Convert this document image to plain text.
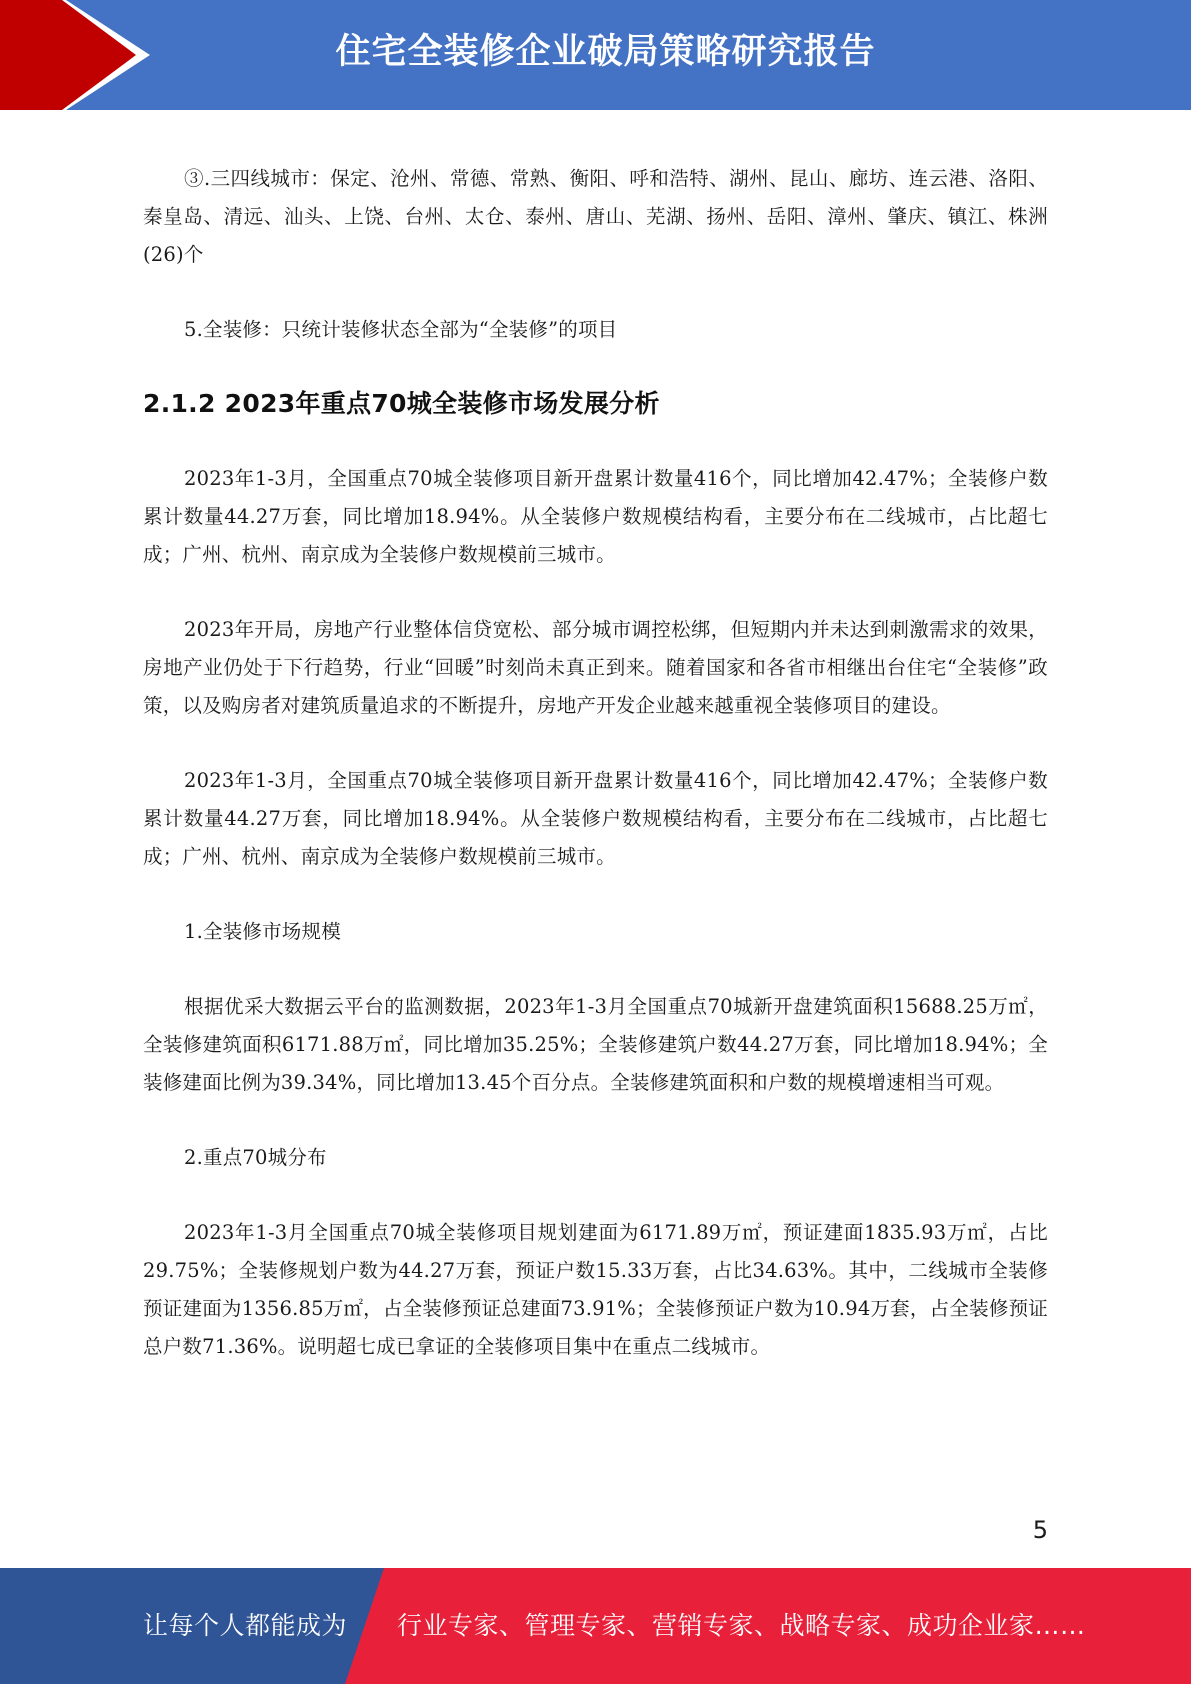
住宅全装修企业破局策略研究报告

③.三四线城市：保定、沧州、常德、常熟、衡阳、呼和浩特、湖州、昆山、廊坊、连云港、洛阳、秦皇岛、清远、汕头、上饶、台州、太仓、泰州、唐山、芜湖、扬州、岳阳、漳州、肇庆、镇江、株洲(26)个

5.全装修：只统计装修状态全部为“全装修”的项目

2.1.2 2023年重点70城全装修市场发展分析

2023年1-3月，全国重点70城全装修项目新开盘累计数量416个，同比增加42.47%；全装修户数累计数量44.27万套，同比增加18.94%。从全装修户数规模结构看，主要分布在二线城市，占比超七成；广州、杭州、南京成为全装修户数规模前三城市。

2023年开局，房地产行业整体信贷宽松、部分城市调控松绑，但短期内并未达到刺激需求的效果，房地产业仍处于下行趋势，行业“回暖”时刻尚未真正到来。随着国家和各省市相继出台住宅“全装修”政策，以及购房者对建筑质量追求的不断提升，房地产开发企业越来越重视全装修项目的建设。

2023年1-3月，全国重点70城全装修项目新开盘累计数量416个，同比增加42.47%；全装修户数累计数量44.27万套，同比增加18.94%。从全装修户数规模结构看，主要分布在二线城市，占比超七成；广州、杭州、南京成为全装修户数规模前三城市。

1.全装修市场规模

根据优采大数据云平台的监测数据，2023年1-3月全国重点70城新开盘建筑面积15688.25万㎡，全装修建筑面积6171.88万㎡，同比增加35.25%；全装修建筑户数44.27万套，同比增加18.94%；全装修建面比例为39.34%，同比增加13.45个百分点。全装修建筑面积和户数的规模增速相当可观。

2.重点70城分布

2023年1-3月全国重点70城全装修项目规划建面为6171.89万㎡，预证建面1835.93万㎡，占比29.75%；全装修规划户数为44.27万套，预证户数15.33万套，占比34.63%。其中，二线城市全装修预证建面为1356.85万㎡，占全装修预证总建面73.91%；全装修预证户数为10.94万套，占全装修预证总户数71.36%。说明超七成已拿证的全装修项目集中在重点二线城市。

5
让每个人都能成为 行业专家、管理专家、营销专家、战略专家、成功企业家……
